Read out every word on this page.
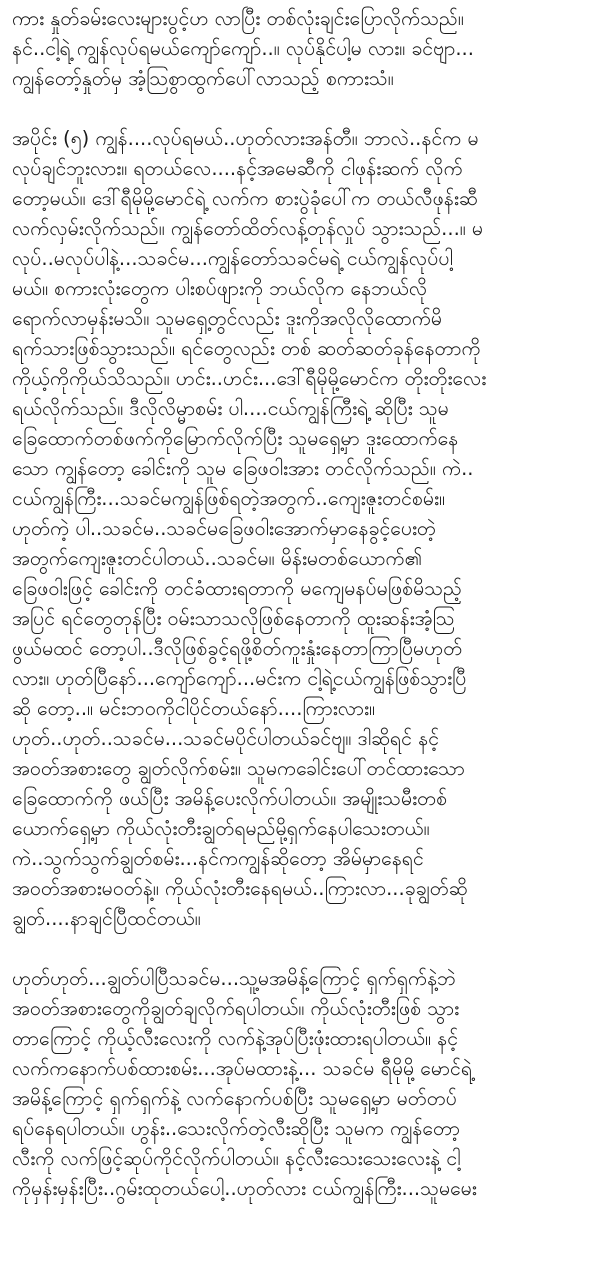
ကား နှုတ်ခမ်းလေးများပွင့်ဟ လာပြီး တစ်လုံးချင်းပြောလိုက်သည်။
နင်..ငါ့ရဲ့ ကျွန်လုပ်ရမယ်ကျော်ကျော်..။ လုပ်နိုင်ပါ့မ လား။ ခင်ဗျာ...
ကျွန်တော့်နှုတ်မှ အံ့သြစွာထွက်ပေါ်လာသည့် စကားသံ။
အပိုင်း (၅) ကျွန်....လုပ်ရမယ်..ဟုတ်လားအန်တီ။ ဘာလဲ..နင်က မ
လုပ်ချင်ဘူးလား။ ရတယ်လေ....နင့်အမေဆီကို ငါဖုန်းဆက် လိုက်
တော့မယ်။ ဒေါ်ရီမိုမို့မောင်ရဲ့ လက်က စားပွဲခုံပေါ်က တယ်လီဖုန်းဆီ
လက်လှမ်းလိုက်သည်။ ကျွန်တော်ထိတ်လန့်တုန်လှုပ် သွားသည်...။ မ
လုပ်..မလုပ်ပါနဲ့...သခင်မ...ကျွန်တော်သခင်မရဲ့ ငယ်ကျွန်လုပ်ပါ့
မယ်။ စကားလုံးတွေက ပါးစပ်ဖျားကို ဘယ်လိုက နေဘယ်လို
ရောက်လာမှန်းမသိ။ သူမရှေ့တွင်လည်း ဒူးကိုအလိုလိုထောက်မိ
ရက်သားဖြစ်သွားသည်။ ရင်တွေလည်း တစ် ဆတ်ဆတ်ခုန်နေတာကို
ကိုယ့်ကိုကိုယ်သိသည်။ ဟင်း..ဟင်း...ဒေါ်ရီမိုမို့မောင်က တိုးတိုးလေး
ရယ်လိုက်သည်။ ဒီလိုလိမ္မာစမ်း ပါ....ငယ်ကျွန်ကြီးရဲ့ ဆိုပြီး သူမ
ခြေထောက်တစ်ဖက်ကိုမြောက်လိုက်ပြီး သူမရှေ့မှာ ဒူးထောက်နေ
သော ကျွန်တော့ ခေါင်းကို သူမ ခြေဖဝါးအား တင်လိုက်သည်။ ကဲ..
ငယ်ကျွန်ကြီး...သခင်မကျွန်ဖြစ်ရတဲ့အတွက်..ကျေးဇူးတင်စမ်း။
ဟုတ်ကဲ့ ပါ..သခင်မ..သခင်မခြေဖဝါးအောက်မှာနေခွင့်ပေးတဲ့
အတွက်ကျေးဇူးတင်ပါတယ်..သခင်မ။ မိန်းမတစ်ယောက်၏
ခြေဖဝါးဖြင့် ခေါင်းကို တင်ခံထားရတာကို မကျေမနပ်မဖြစ်မိသည့်
အပြင် ရင်တွေတုန်ပြီး ဝမ်းသာသလိုဖြစ်နေတာကို ထူးဆန်းအံ့သြ
ဖွယ်မထင် တော့ပါ..ဒီလိုဖြစ်ခွင့်ရဖို့စိတ်ကူးနှုံးနေတာကြာပြီမဟုတ်
လား။ ဟုတ်ပြီနော်...ကျော်ကျော်...မင်းက ငါ့ရဲ့ငယ်ကျွန်ဖြစ်သွားပြီ
ဆို တော့..။ မင်းဘဝကိုငါပိုင်တယ်နော်....ကြားလား။
ဟုတ်..ဟုတ်..သခင်မ...သခင်မပိုင်ပါတယ်ခင်ဗျ။ ဒါဆိုရင် နင့်
အဝတ်အစားတွေ ချွတ်လိုက်စမ်း။ သူမကခေါင်းပေါ်တင်ထားသော
ခြေထောက်ကို ဖယ်ပြီး အမိန့်ပေးလိုက်ပါတယ်။ အမျိုးသမီးတစ်
ယောက်ရှေ့မှာ ကိုယ်လုံးတီးချွတ်ရမည်မို့ရှက်နေပါသေးတယ်။
ကဲ..သွက်သွက်ချွတ်စမ်း...နင်ကကျွန်ဆိုတော့ အိမ်မှာနေရင်
အဝတ်အစားမဝတ်နဲ့။ ကိုယ်လုံးတီးနေရမယ်..ကြားလာ...ခုချွတ်ဆို
ချွတ်....နာချင်ပြီထင်တယ်။
ဟုတ်ဟုတ်...ချွတ်ပါပြီသခင်မ...သူ့မအမိန့်ကြောင့် ရှက်ရှက်နဲ့ဘဲ
အဝတ်အစားတွေကိုချွတ်ချလိုက်ရပါတယ်။ ကိုယ်လုံးတီးဖြစ် သွား
တာကြောင့် ကိုယ့်လီးလေးကို လက်နဲ့အုပ်ပြီးဖုံးထားရပါတယ်။ နင့်
လက်ကနောက်ပစ်ထားစမ်း...အုပ်မထားနဲ့... သခင်မ ရီမိုမို့ မောင်ရဲ့
အမိန့်ကြောင့် ရှက်ရှက်နဲ့ လက်နောက်ပစ်ပြီး သူမရှေ့မှာ မတ်တပ်
ရပ်နေရပါတယ်။ ဟွန်း..သေးလိုက်တဲ့လီးဆိုပြီး သူမက ကျွန်တော့
လီးကို လက်ဖြင့်ဆုပ်ကိုင်လိုက်ပါတယ်။ နင့်လီးသေးသေးလေးနဲ့ ငါ့
ကိုမှန်းမှန်းပြီး..ဂွမ်းထုတယ်ပေါ့..ဟုတ်လား ငယ်ကျွန်ကြီး...သူမမေး
